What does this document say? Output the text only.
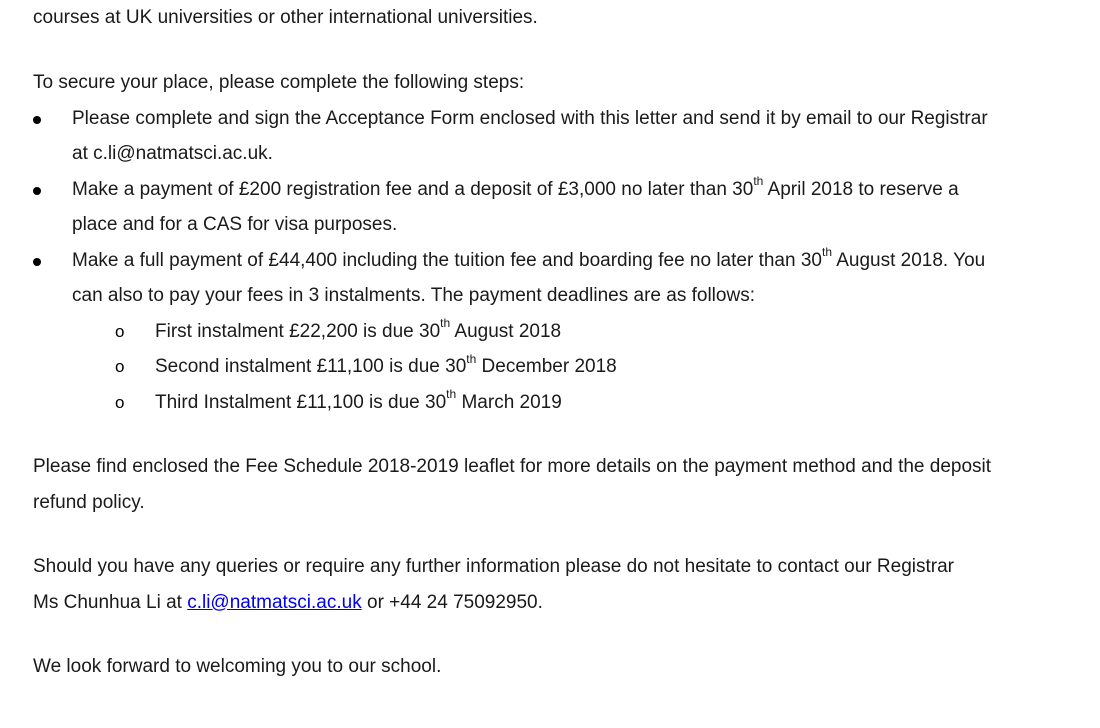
courses at UK universities or other international universities.
To secure your place, please complete the following steps:
Please complete and sign the Acceptance Form enclosed with this letter and send it by email to our Registrar
at c.li@natmatsci.ac.uk.
Make a payment of £200 registration fee and a deposit of £3,000 no later than 30th April 2018 to reserve a
place and for a CAS for visa purposes.
Make a full payment of £44,400 including the tuition fee and boarding fee no later than 30th August 2018. You
can also to pay your fees in 3 instalments. The payment deadlines are as follows:
o First instalment £22,200 is due 30th August 2018
o Second instalment £11,100 is due 30th December 2018
o Third Instalment £11,100 is due 30th March 2019
Please find enclosed the Fee Schedule 2018-2019 leaflet for more details on the payment method and the deposit
refund policy.
Should you have any queries or require any further information please do not hesitate to contact our Registrar
Ms Chunhua Li at c.li@natmatsci.ac.uk or +44 24 75092950.
We look forward to welcoming you to our school.
